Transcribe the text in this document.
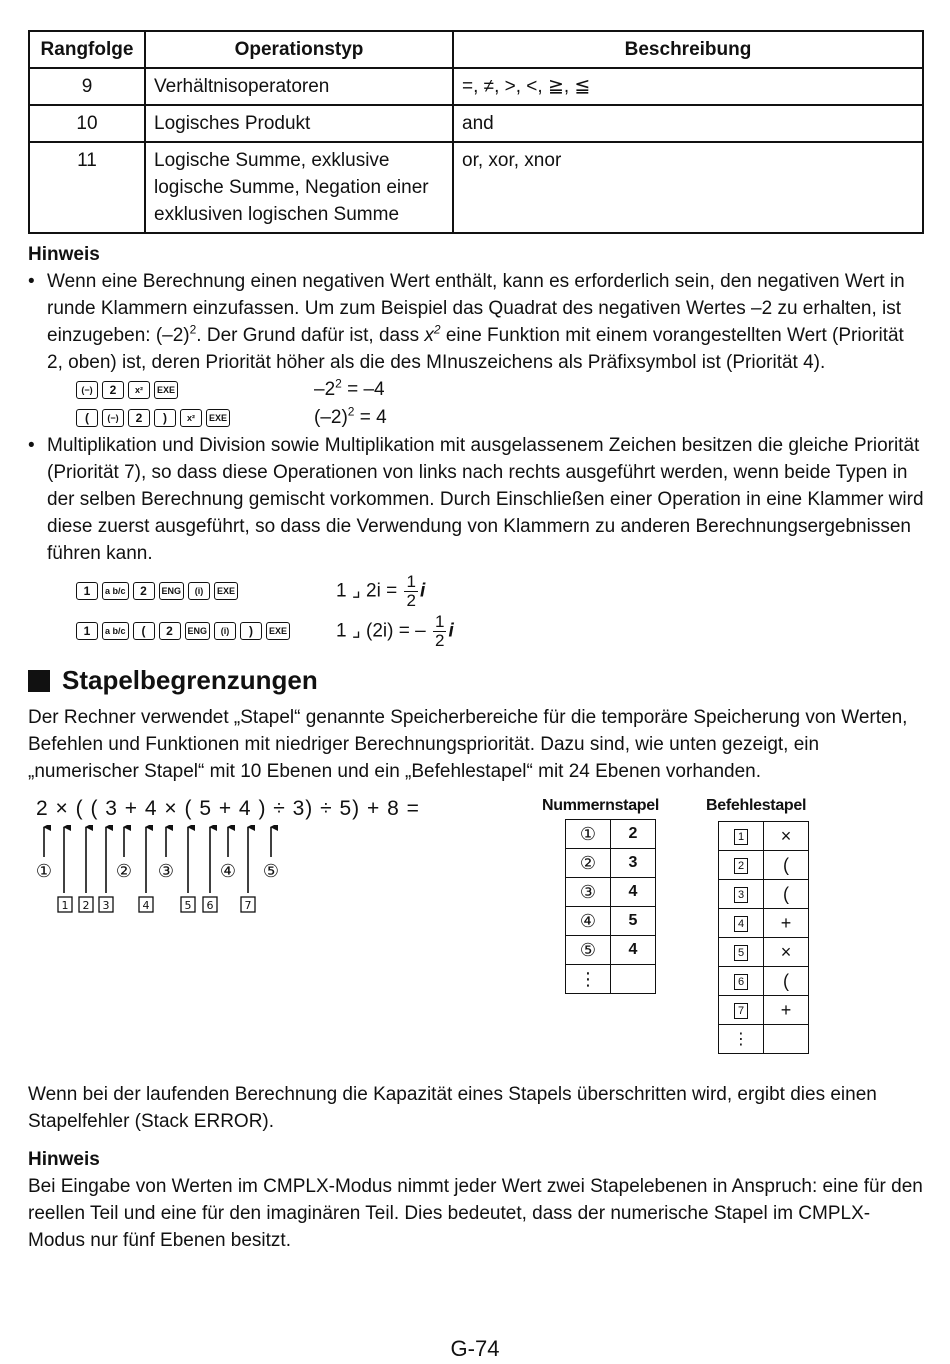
Rangfolge	Operationstyp	Beschreibung
9	Verhältnisoperatoren	=, ≠, >, <, ≧, ≦
10	Logisches Produkt	and
11	Logische Summe, exklusive logische Summe, Negation einer exklusiven logischen Summe	or, xor, xnor
Hinweis
• Wenn eine Berechnung einen negativen Wert enthält, kann es erforderlich sein, den negativen Wert in runde Klammern einzufassen. Um zum Beispiel das Quadrat des negativen Wertes –2 zu erhalten, ist einzugeben: $(-2)^2$. Der Grund dafür ist, dass $x^2$ eine Funktion mit einem vorangestellten Wert (Priorität 2, oben) ist, deren Priorität höher als die des MInuszeichens als Präfixsymbol ist (Priorität 4).
(−)	2	x²	EXE	$-2^2 = -4$
(	(−)	2	)	x²	EXE	$(-2)^2 = 4$
• Multiplikation und Division sowie Multiplikation mit ausgelassenem Zeichen besitzen die gleiche Priorität (Priorität 7), so dass diese Operationen von links nach rechts ausgeführt werden, wenn beide Typen in der selben Berechnung gemischt vorkommen. Durch Einschließen einer Operation in eine Klammer wird diese zuerst ausgeführt, so dass die Verwendung von Klammern zu anderen Berechnungsergebnissen führen kann.
1	a b/c	2	ENG	(i)	EXE	1 ⌟ $2i = \frac{1}{2}$ i
1	a b/c	(	2	ENG	(i)	)	EXE	1 ⌟ (2i) = – $\frac{1}{2}$ i
Stapelbegrenzungen

Der Rechner verwendet „Stapel“ genannte Speicherbereiche für die temporäre Speicherung von Werten, Befehlen und Funktionen mit niedriger Berechnungspriorität. Dazu sind, wie unten gezeigt, ein „numerischer Stapel“ mit 10 Ebenen und ein „Befehlestapel“ mit 24 Ebenen vorhanden.

2 × ( ( 3 + 4 × ( 5 + 4 ) ÷ 3) ÷ 5) + 8 =
①	② ③	④ ⑤
1 2 3	4	5 6	7
Nummernstapel
①	2
②	3
③	4
④	5
⑤	4
⋮	
Befehlestapel
1	×
2	(
3	(
4	+
5	×
6	(
7	+
⋮	

Wenn bei der laufenden Berechnung die Kapazität eines Stapels überschritten wird, ergibt dies einen Stapelfehler (Stack ERROR).

Hinweis

Bei Eingabe von Werten im CMPLX-Modus nimmt jeder Wert zwei Stapelebenen in Anspruch: eine für den reellen Teil und eine für den imaginären Teil. Dies bedeutet, dass der numerische Stapel im CMPLX-Modus nur fünf Ebenen besitzt.

G-74
